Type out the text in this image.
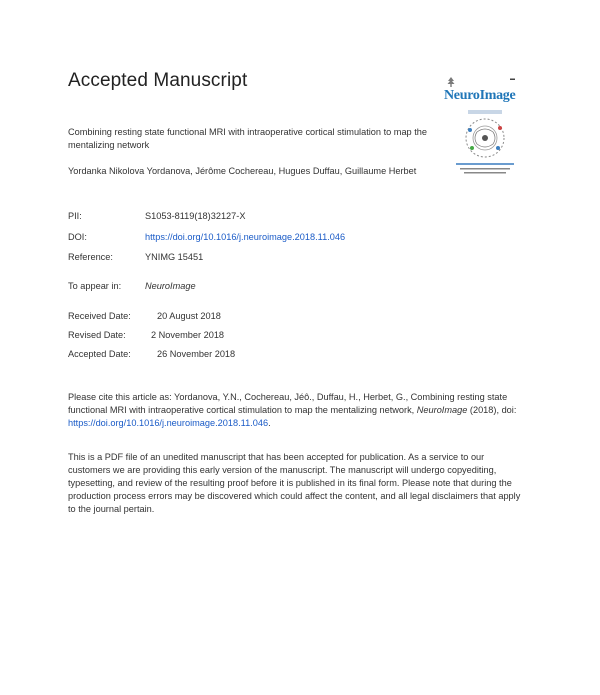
Accepted Manuscript	▬
NeuroImage
Combining resting state functional MRI with intraoperative cortical stimulation to map the mentalizing network
Yordanka Nikolova Yordanova, Jérôme Cochereau, Hugues Duffau, Guillaume Herbet
PII:	S1053-8119(18)32127-X
DOI:	https://doi.org/10.1016/j.neuroimage.2018.11.046
Reference:	YNIMG 15451
To appear in:	NeuroImage
Received Date:	20 August 2018
Revised Date:	2 November 2018
Accepted Date:	26 November 2018
Please cite this article as: Yordanova, Y.N., Cochereau, Jéô., Duffau, H., Herbet, G., Combining resting state functional MRI with intraoperative cortical stimulation to map the mentalizing network, NeuroImage (2018), doi: https://doi.org/10.1016/j.neuroimage.2018.11.046.
This is a PDF file of an unedited manuscript that has been accepted for publication. As a service to our customers we are providing this early version of the manuscript. The manuscript will undergo copyediting, typesetting, and review of the resulting proof before it is published in its final form. Please note that during the production process errors may be discovered which could affect the content, and all legal disclaimers that apply to the journal pertain.
